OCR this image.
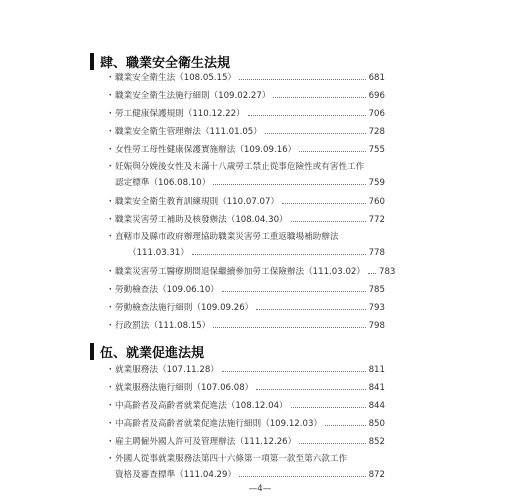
肆、職業安全衛生法規
・ 職業安全衛生法（108.05.15）	681
・ 職業安全衛生法施行細則（109.02.27）	696
・ 勞工健康保護規則（110.12.22）	706
・ 職業安全衛生管理辦法（111.01.05）	728
・ 女性勞工母性健康保護實施辦法（109.09.16）	755
・ 妊娠與分娩後女性及未滿十八歲勞工禁止從事危險性或有害性工作
認定標準（106.08.10）	759
・ 職業安全衛生教育訓練規則（110.07.07）	760
・ 職業災害勞工補助及核發辦法（108.04.30）	772
・ 直轄市及縣市政府辦理協助職業災害勞工重返職場補助辦法
（111.03.31）	778
・ 職業災害勞工醫療期間退保繼續參加勞工保險辦法（111.03.02） 783
・ 勞動檢查法（109.06.10）	785
・ 勞動檢查法施行細則（109.09.26）	793
・ 行政罰法（111.08.15）	798
伍、就業促進法規
・ 就業服務法（107.11.28）	811
・ 就業服務法施行細則（107.06.08）	841
・ 中高齡者及高齡者就業促進法（108.12.04）	844
・ 中高齡者及高齡者就業促進法施行細則（109.12.03）	850
・ 雇主聘僱外國人許可及管理辦法（111.12.26）	852
—4—
・ 外國人從事就業服務法第四十六條第一項第一款至第六款工作
資格及審查標準（111.04.29）	872
